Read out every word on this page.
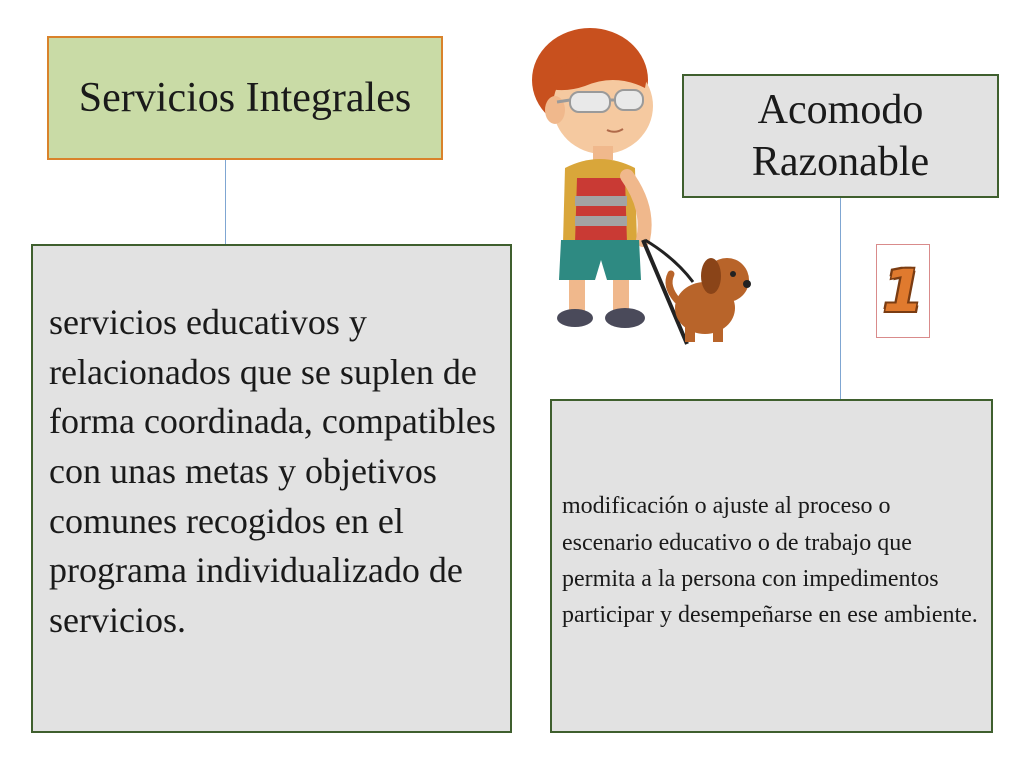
Servicios Integrales
servicios educativos y relacionados que se suplen de forma coordinada, compatibles con unas metas y objetivos comunes recogidos en el programa individualizado de servicios.
Acomodo
Razonable
1
modificación o ajuste al proceso o escenario educativo o de trabajo que permita a la persona con impedimentos participar y desempeñarse en ese ambiente.
